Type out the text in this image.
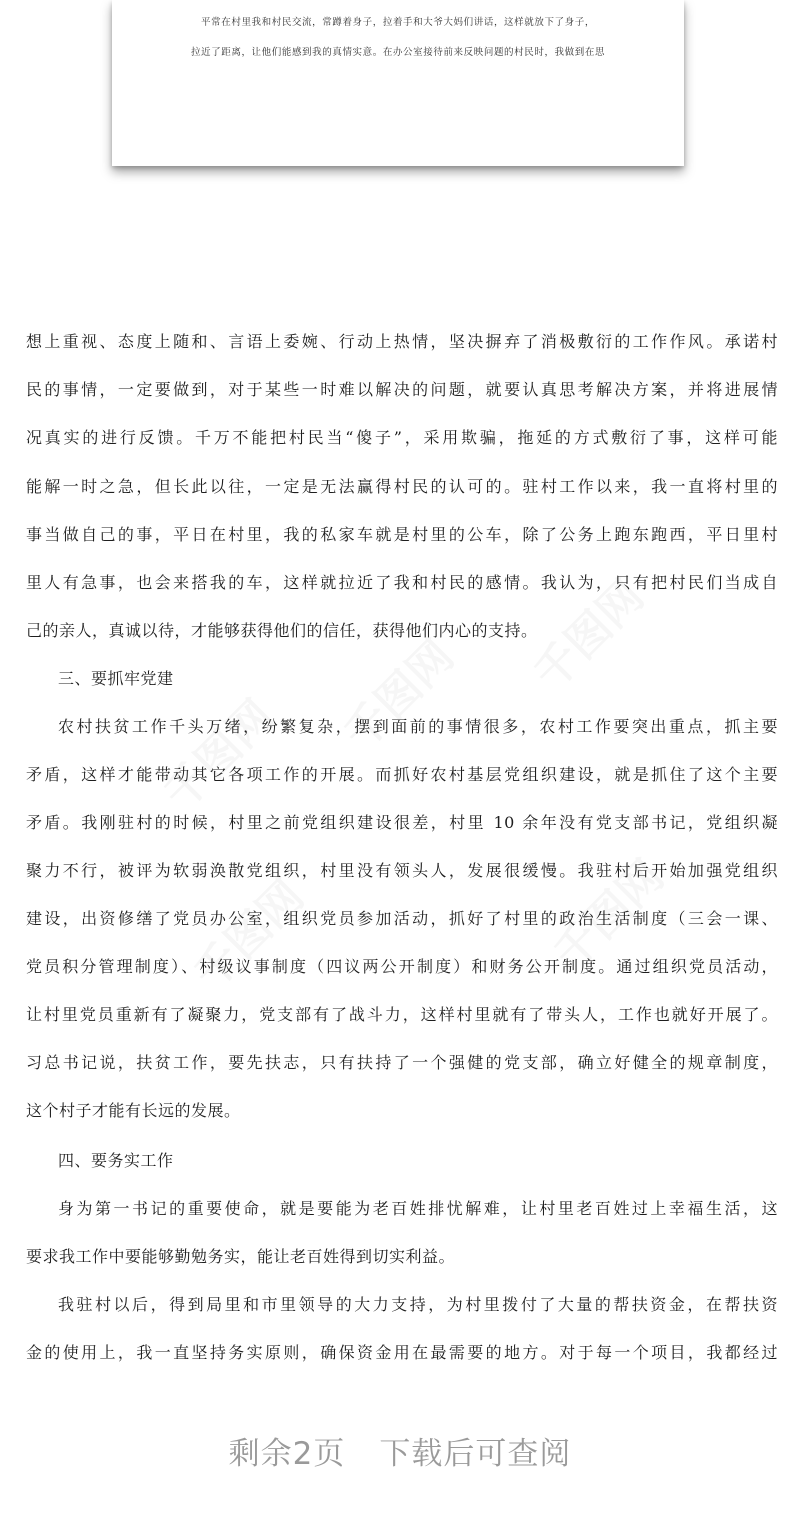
平常在村里我和村民交流，常蹲着身子，拉着手和大爷大妈们讲话，这样就放下了身子，
拉近了距离，让他们能感到我的真情实意。在办公室接待前来反映问题的村民时，我做到在思
想上重视、态度上随和、言语上委婉、行动上热情，坚决摒弃了消极敷衍的工作作风。承诺村
民的事情，一定要做到，对于某些一时难以解决的问题，就要认真思考解决方案，并将进展情
况真实的进行反馈。千万不能把村民当“傻子”，采用欺骗，拖延的方式敷衍了事，这样可能
能解一时之急，但长此以往，一定是无法赢得村民的认可的。驻村工作以来，我一直将村里的
事当做自己的事，平日在村里，我的私家车就是村里的公车，除了公务上跑东跑西，平日里村
里人有急事，也会来搭我的车，这样就拉近了我和村民的感情。我认为，只有把村民们当成自
己的亲人，真诚以待，才能够获得他们的信任，获得他们内心的支持。
三、要抓牢党建
农村扶贫工作千头万绪，纷繁复杂，摆到面前的事情很多，农村工作要突出重点，抓主要
矛盾，这样才能带动其它各项工作的开展。而抓好农村基层党组织建设，就是抓住了这个主要
矛盾。我刚驻村的时候，村里之前党组织建设很差，村里 10 余年没有党支部书记，党组织凝
聚力不行，被评为软弱涣散党组织，村里没有领头人，发展很缓慢。我驻村后开始加强党组织
建设，出资修缮了党员办公室，组织党员参加活动，抓好了村里的政治生活制度（三会一课、
党员积分管理制度）、村级议事制度（四议两公开制度）和财务公开制度。通过组织党员活动，
让村里党员重新有了凝聚力，党支部有了战斗力，这样村里就有了带头人，工作也就好开展了。
习总书记说，扶贫工作，要先扶志，只有扶持了一个强健的党支部，确立好健全的规章制度，
这个村子才能有长远的发展。
四、要务实工作
身为第一书记的重要使命，就是要能为老百姓排忧解难，让村里老百姓过上幸福生活，这
要求我工作中要能够勤勉务实，能让老百姓得到切实利益。
我驻村以后，得到局里和市里领导的大力支持，为村里拨付了大量的帮扶资金，在帮扶资
金的使用上，我一直坚持务实原则，确保资金用在最需要的地方。对于每一个项目，我都经过
剩余2页 下载后可查阅
